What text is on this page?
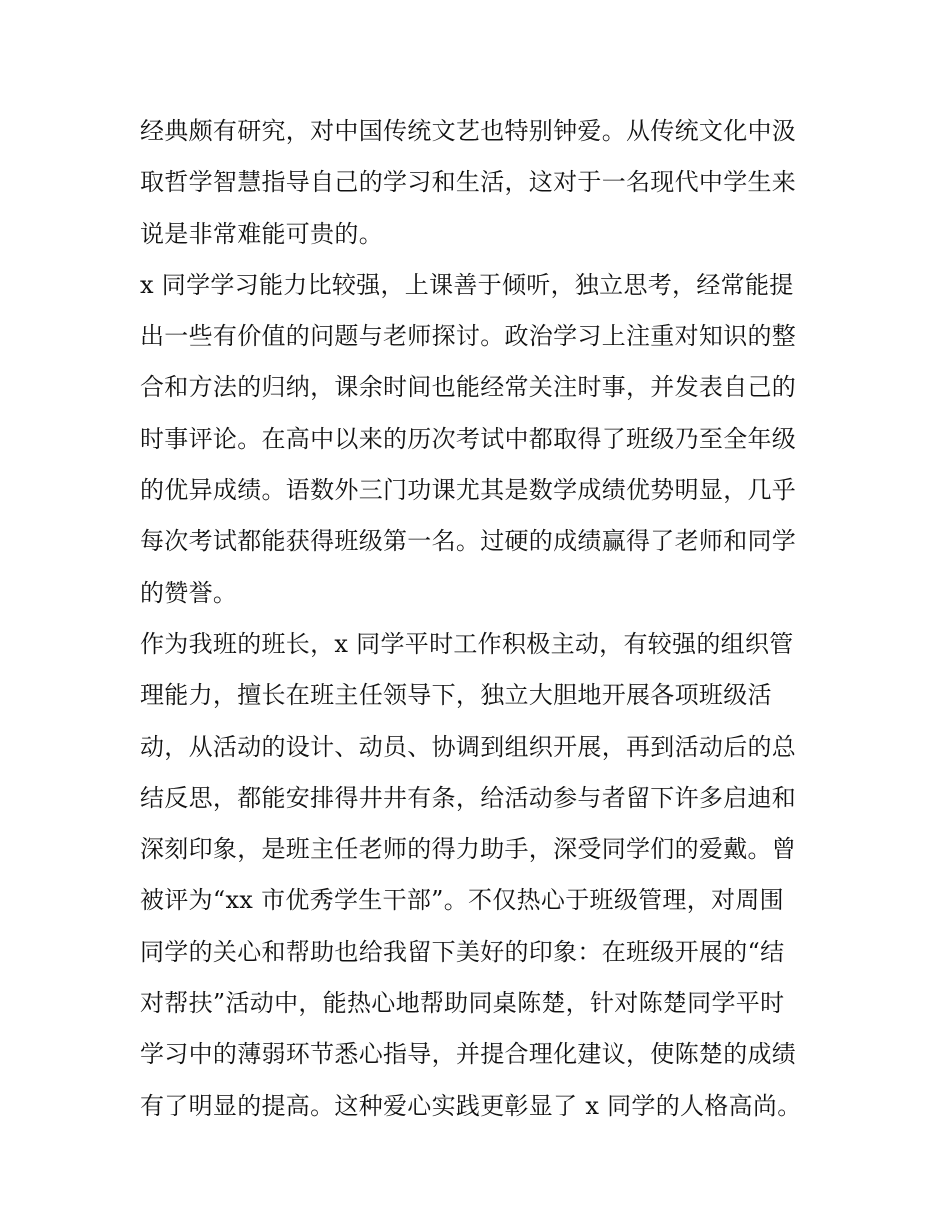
经典颇有研究，对中国传统文艺也特别钟爱。从传统文化中汲
取哲学智慧指导自己的学习和生活，这对于一名现代中学生来
说是非常难能可贵的。
x 同学学习能力比较强，上课善于倾听，独立思考，经常能提
出一些有价值的问题与老师探讨。政治学习上注重对知识的整
合和方法的归纳，课余时间也能经常关注时事，并发表自己的
时事评论。在高中以来的历次考试中都取得了班级乃至全年级
的优异成绩。语数外三门功课尤其是数学成绩优势明显，几乎
每次考试都能获得班级第一名。过硬的成绩赢得了老师和同学
的赞誉。
作为我班的班长，x 同学平时工作积极主动，有较强的组织管
理能力，擅长在班主任领导下，独立大胆地开展各项班级活
动，从活动的设计、动员、协调到组织开展，再到活动后的总
结反思，都能安排得井井有条，给活动参与者留下许多启迪和
深刻印象，是班主任老师的得力助手，深受同学们的爱戴。曾
被评为“xx 市优秀学生干部”。不仅热心于班级管理，对周围
同学的关心和帮助也给我留下美好的印象：在班级开展的“结
对帮扶”活动中，能热心地帮助同桌陈楚，针对陈楚同学平时
学习中的薄弱环节悉心指导，并提合理化建议，使陈楚的成绩
有了明显的提高。这种爱心实践更彰显了 x 同学的人格高尚。
